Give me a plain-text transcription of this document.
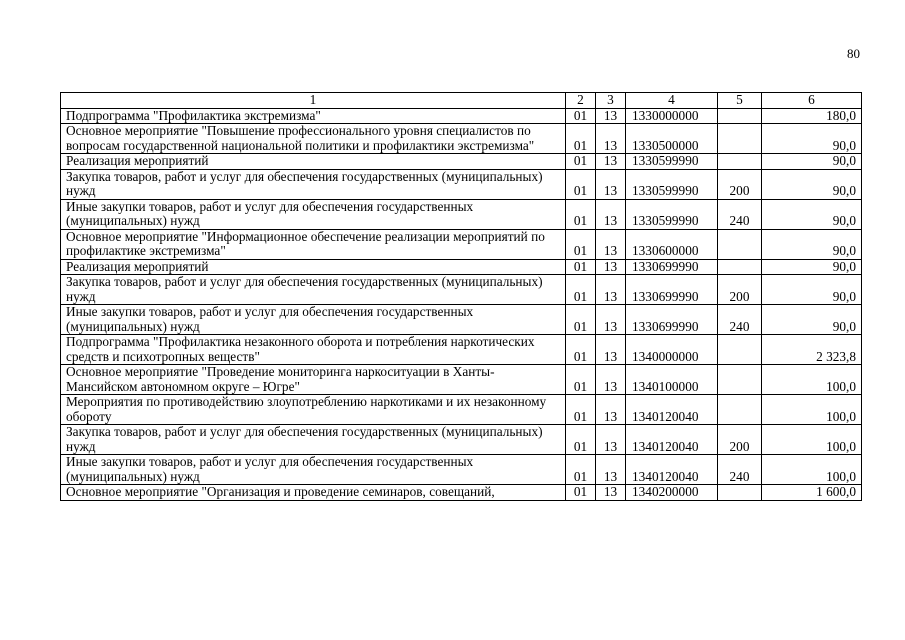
80
1	2	3	4	5	6
Подпрограмма "Профилактика экстремизма"	01	13	1330000000		180,0
Основное мероприятие "Повышение профессионального уровня специалистов по вопросам государственной национальной политики и профилактики экстремизма"	01	13	1330500000		90,0
Реализация мероприятий	01	13	1330599990		90,0
Закупка товаров, работ и услуг для обеспечения государственных (муниципальных) нужд	01	13	1330599990	200	90,0
Иные закупки товаров, работ и услуг для обеспечения государственных (муниципальных) нужд	01	13	1330599990	240	90,0
Основное мероприятие "Информационное обеспечение реализации мероприятий по профилактике экстремизма"	01	13	1330600000		90,0
Реализация мероприятий	01	13	1330699990		90,0
Закупка товаров, работ и услуг для обеспечения государственных (муниципальных) нужд	01	13	1330699990	200	90,0
Иные закупки товаров, работ и услуг для обеспечения государственных (муниципальных) нужд	01	13	1330699990	240	90,0
Подпрограмма "Профилактика незаконного оборота и потребления наркотических средств и психотропных веществ"	01	13	1340000000		2 323,8
Основное мероприятие "Проведение мониторинга наркоситуации в Ханты-Мансийском автономном округе – Югре"	01	13	1340100000		100,0
Мероприятия по противодействию злоупотреблению наркотиками и их незаконному обороту	01	13	1340120040		100,0
Закупка товаров, работ и услуг для обеспечения государственных (муниципальных) нужд	01	13	1340120040	200	100,0
Иные закупки товаров, работ и услуг для обеспечения государственных (муниципальных) нужд	01	13	1340120040	240	100,0
Основное мероприятие "Организация и проведение семинаров, совещаний,	01	13	1340200000		1 600,0
